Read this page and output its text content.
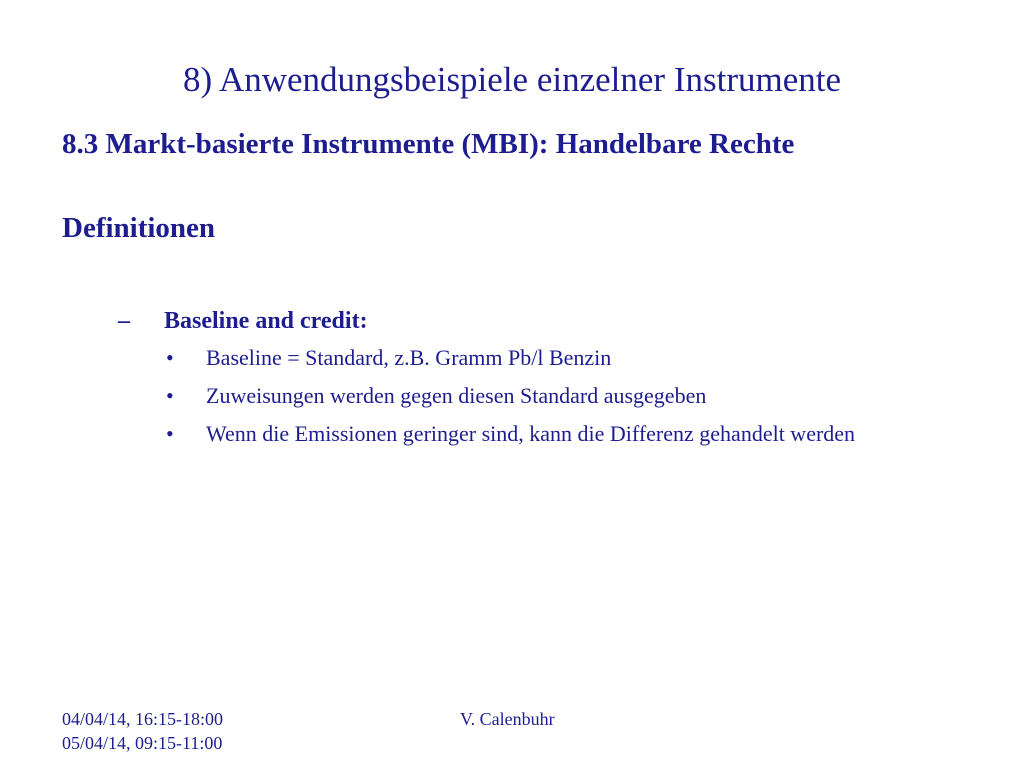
8) Anwendungsbeispiele einzelner Instrumente
8.3 Markt-basierte Instrumente (MBI): Handelbare Rechte
Definitionen
– Baseline and credit:
• Baseline = Standard, z.B. Gramm Pb/l Benzin
• Zuweisungen werden gegen diesen Standard ausgegeben
• Wenn die Emissionen geringer sind, kann die Differenz gehandelt werden
04/04/14, 16:15-18:00
05/04/14, 09:15-11:00
V. Calenbuhr
